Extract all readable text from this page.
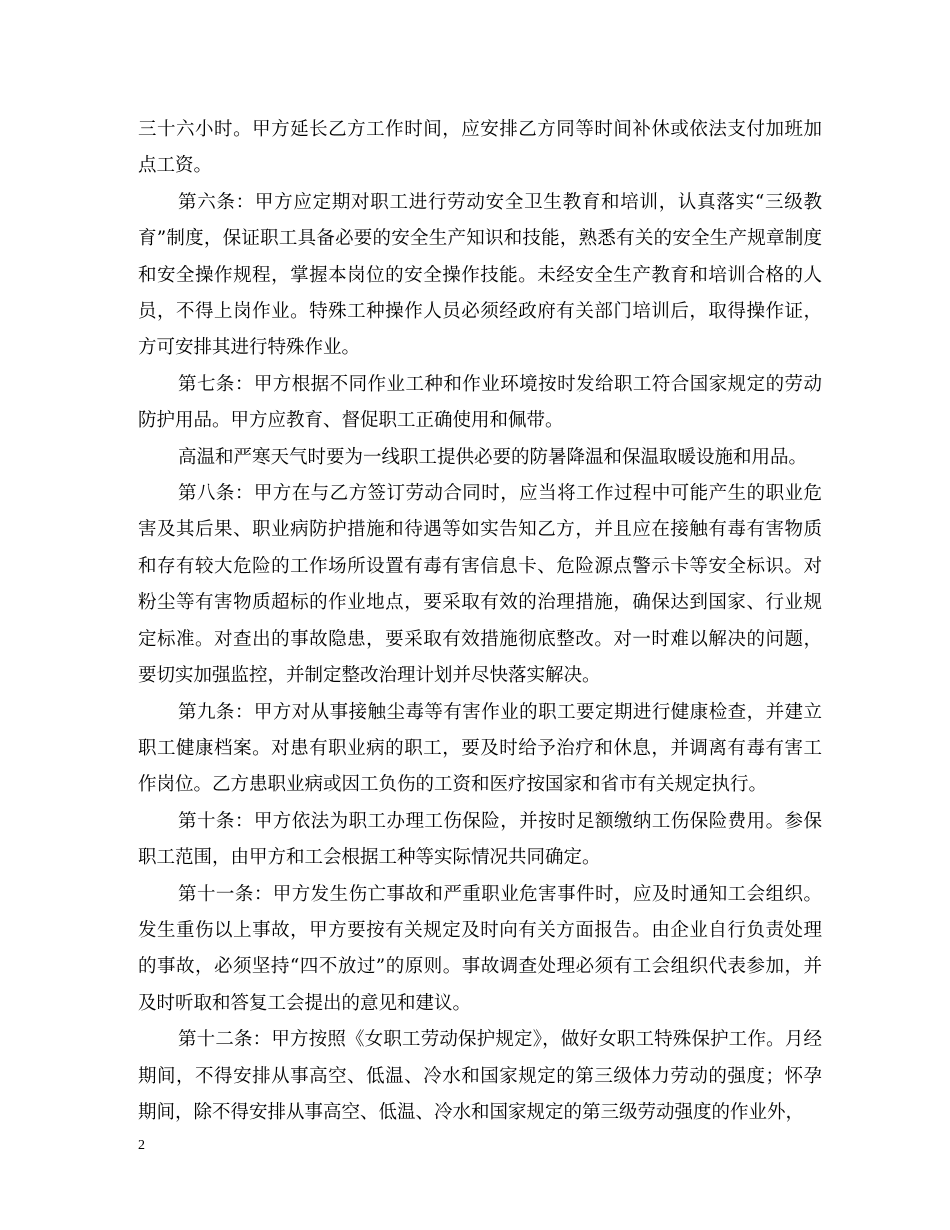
三十六小时。甲方延长乙方工作时间，应安排乙方同等时间补休或依法支付加班加点工资。

第六条：甲方应定期对职工进行劳动安全卫生教育和培训，认真落实“三级教育”制度，保证职工具备必要的安全生产知识和技能，熟悉有关的安全生产规章制度和安全操作规程，掌握本岗位的安全操作技能。未经安全生产教育和培训合格的人员，不得上岗作业。特殊工种操作人员必须经政府有关部门培训后，取得操作证，方可安排其进行特殊作业。

第七条：甲方根据不同作业工种和作业环境按时发给职工符合国家规定的劳动防护用品。甲方应教育、督促职工正确使用和佩带。

高温和严寒天气时要为一线职工提供必要的防暑降温和保温取暖设施和用品。

第八条：甲方在与乙方签订劳动合同时，应当将工作过程中可能产生的职业危害及其后果、职业病防护措施和待遇等如实告知乙方，并且应在接触有毒有害物质和存有较大危险的工作场所设置有毒有害信息卡、危险源点警示卡等安全标识。对粉尘等有害物质超标的作业地点，要采取有效的治理措施，确保达到国家、行业规定标准。对查出的事故隐患，要采取有效措施彻底整改。对一时难以解决的问题，要切实加强监控，并制定整改治理计划并尽快落实解决。

第九条：甲方对从事接触尘毒等有害作业的职工要定期进行健康检查，并建立职工健康档案。对患有职业病的职工，要及时给予治疗和休息，并调离有毒有害工作岗位。乙方患职业病或因工负伤的工资和医疗按国家和省市有关规定执行。

第十条：甲方依法为职工办理工伤保险，并按时足额缴纳工伤保险费用。参保职工范围，由甲方和工会根据工种等实际情况共同确定。

第十一条：甲方发生伤亡事故和严重职业危害事件时，应及时通知工会组织。发生重伤以上事故，甲方要按有关规定及时向有关方面报告。由企业自行负责处理的事故，必须坚持“四不放过”的原则。事故调查处理必须有工会组织代表参加，并及时听取和答复工会提出的意见和建议。

第十二条：甲方按照《女职工劳动保护规定》，做好女职工特殊保护工作。月经期间，不得安排从事高空、低温、冷水和国家规定的第三级体力劳动的强度；怀孕期间，除不得安排从事高空、低温、冷水和国家规定的第三级劳动强度的作业外，

2
